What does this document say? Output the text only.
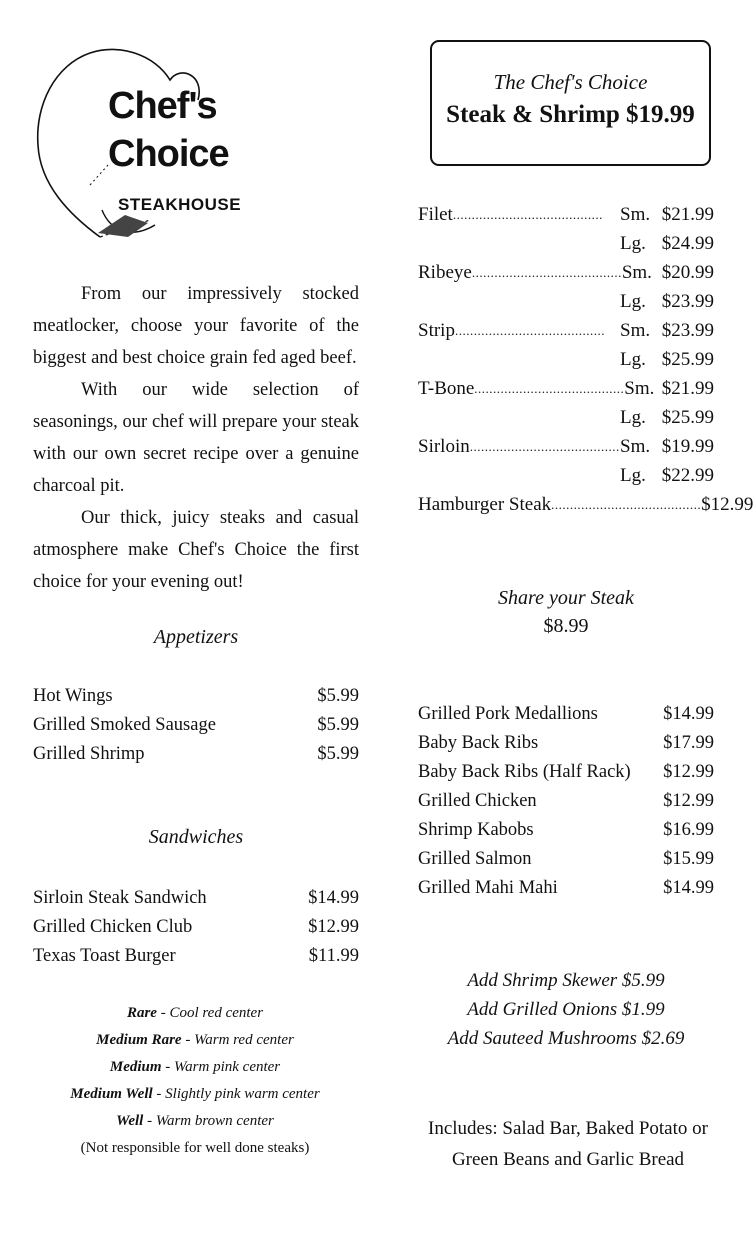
Chef's
Choice
STEAKHOUSE

From our impressively stocked meatlocker, choose your favorite of the biggest and best choice grain fed aged beef.

With our wide selection of seasonings, our chef will prepare your steak with our own secret recipe over a genuine charcoal pit.

Our thick, juicy steaks and casual atmosphere make Chef's Choice the first choice for your evening out!

Appetizers
Hot Wings	$5.99
Grilled Smoked Sausage	$5.99
Grilled Shrimp	$5.99
Sandwiches
Sirloin Steak Sandwich	$14.99
Grilled Chicken Club	$12.99
Texas Toast Burger	$11.99
Rare - Cool red center
Medium Rare - Warm red center
Medium - Warm pink center
Medium Well - Slightly pink warm center
Well - Warm brown center
(Not responsible for well done steaks)
The Chef's Choice
Steak & Shrimp $19.99
Filet ........................................ Sm. $21.99
Lg. $24.99
Ribeye ........................................ Sm. $20.99
Lg. $23.99
Strip ........................................ Sm. $23.99
Lg. $25.99
T-Bone ........................................ Sm. $21.99
Lg. $25.99
Sirloin ........................................ Sm. $19.99
Lg. $22.99
Hamburger Steak ........................................ $12.99
Share your Steak
$8.99
Grilled Pork Medallions	$14.99
Baby Back Ribs	$17.99
Baby Back Ribs (Half Rack) $12.99
Grilled Chicken	$12.99
Shrimp Kabobs	$16.99
Grilled Salmon	$15.99
Grilled Mahi Mahi	$14.99
Add Shrimp Skewer $5.99
Add Grilled Onions $1.99
Add Sauteed Mushrooms $2.69
Includes: Salad Bar, Baked Potato or
Green Beans and Garlic Bread
